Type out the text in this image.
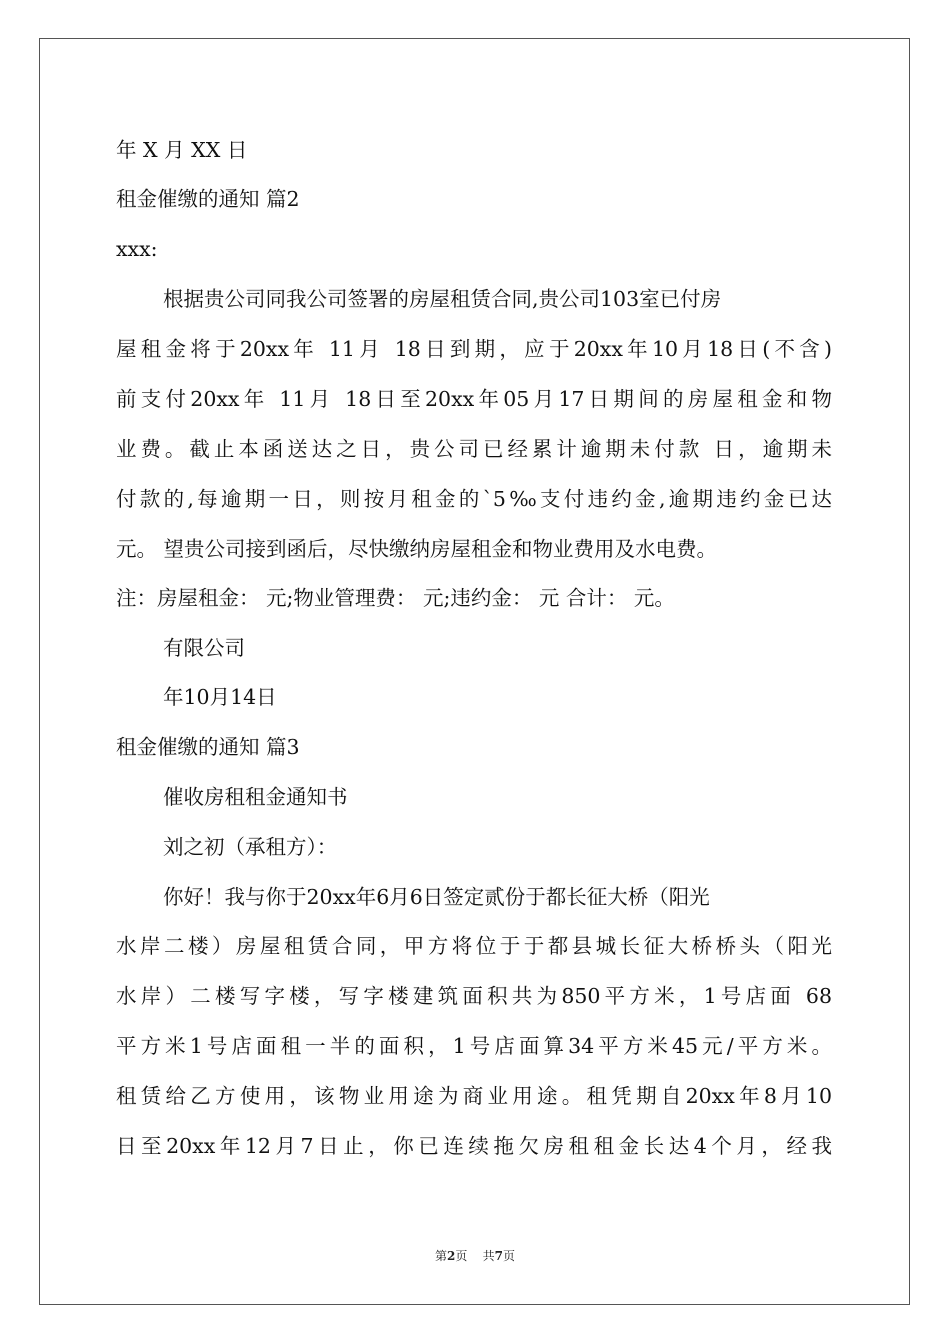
年 X 月 XX 日
租金催缴的通知 篇2
xxx:
根据贵公司同我公司签署的房屋租赁合同,贵公司103室已付房
屋租金将于20xx年 11月 18日到期，应于20xx年10月18日(不含)
前支付20xx年 11月 18日至20xx年05月17日期间的房屋租金和物
业费。截止本函送达之日，贵公司已经累计逾期未付款 日，逾期未
付款的,每逾期一日，则按月租金的`5‰支付违约金,逾期违约金已达
元。 望贵公司接到函后，尽快缴纳房屋租金和物业费用及水电费。
注：房屋租金： 元;物业管理费： 元;违约金： 元 合计： 元。
有限公司
年10月14日
租金催缴的通知 篇3
催收房租租金通知书
刘之初（承租方）：
你好！我与你于20xx年6月6日签定贰份于都长征大桥（阳光
水岸二楼）房屋租赁合同，甲方将位于于都县城长征大桥桥头（阳光
水岸）二楼写字楼，写字楼建筑面积共为850平方米，1号店面 68
平方米1号店面租一半的面积，1号店面算34平方米45元/平方米。
租赁给乙方使用，该物业用途为商业用途。租凭期自20xx年8月10
日至20xx年12月7日止，你已连续拖欠房租租金长达4个月，经我
第2页 共7页
